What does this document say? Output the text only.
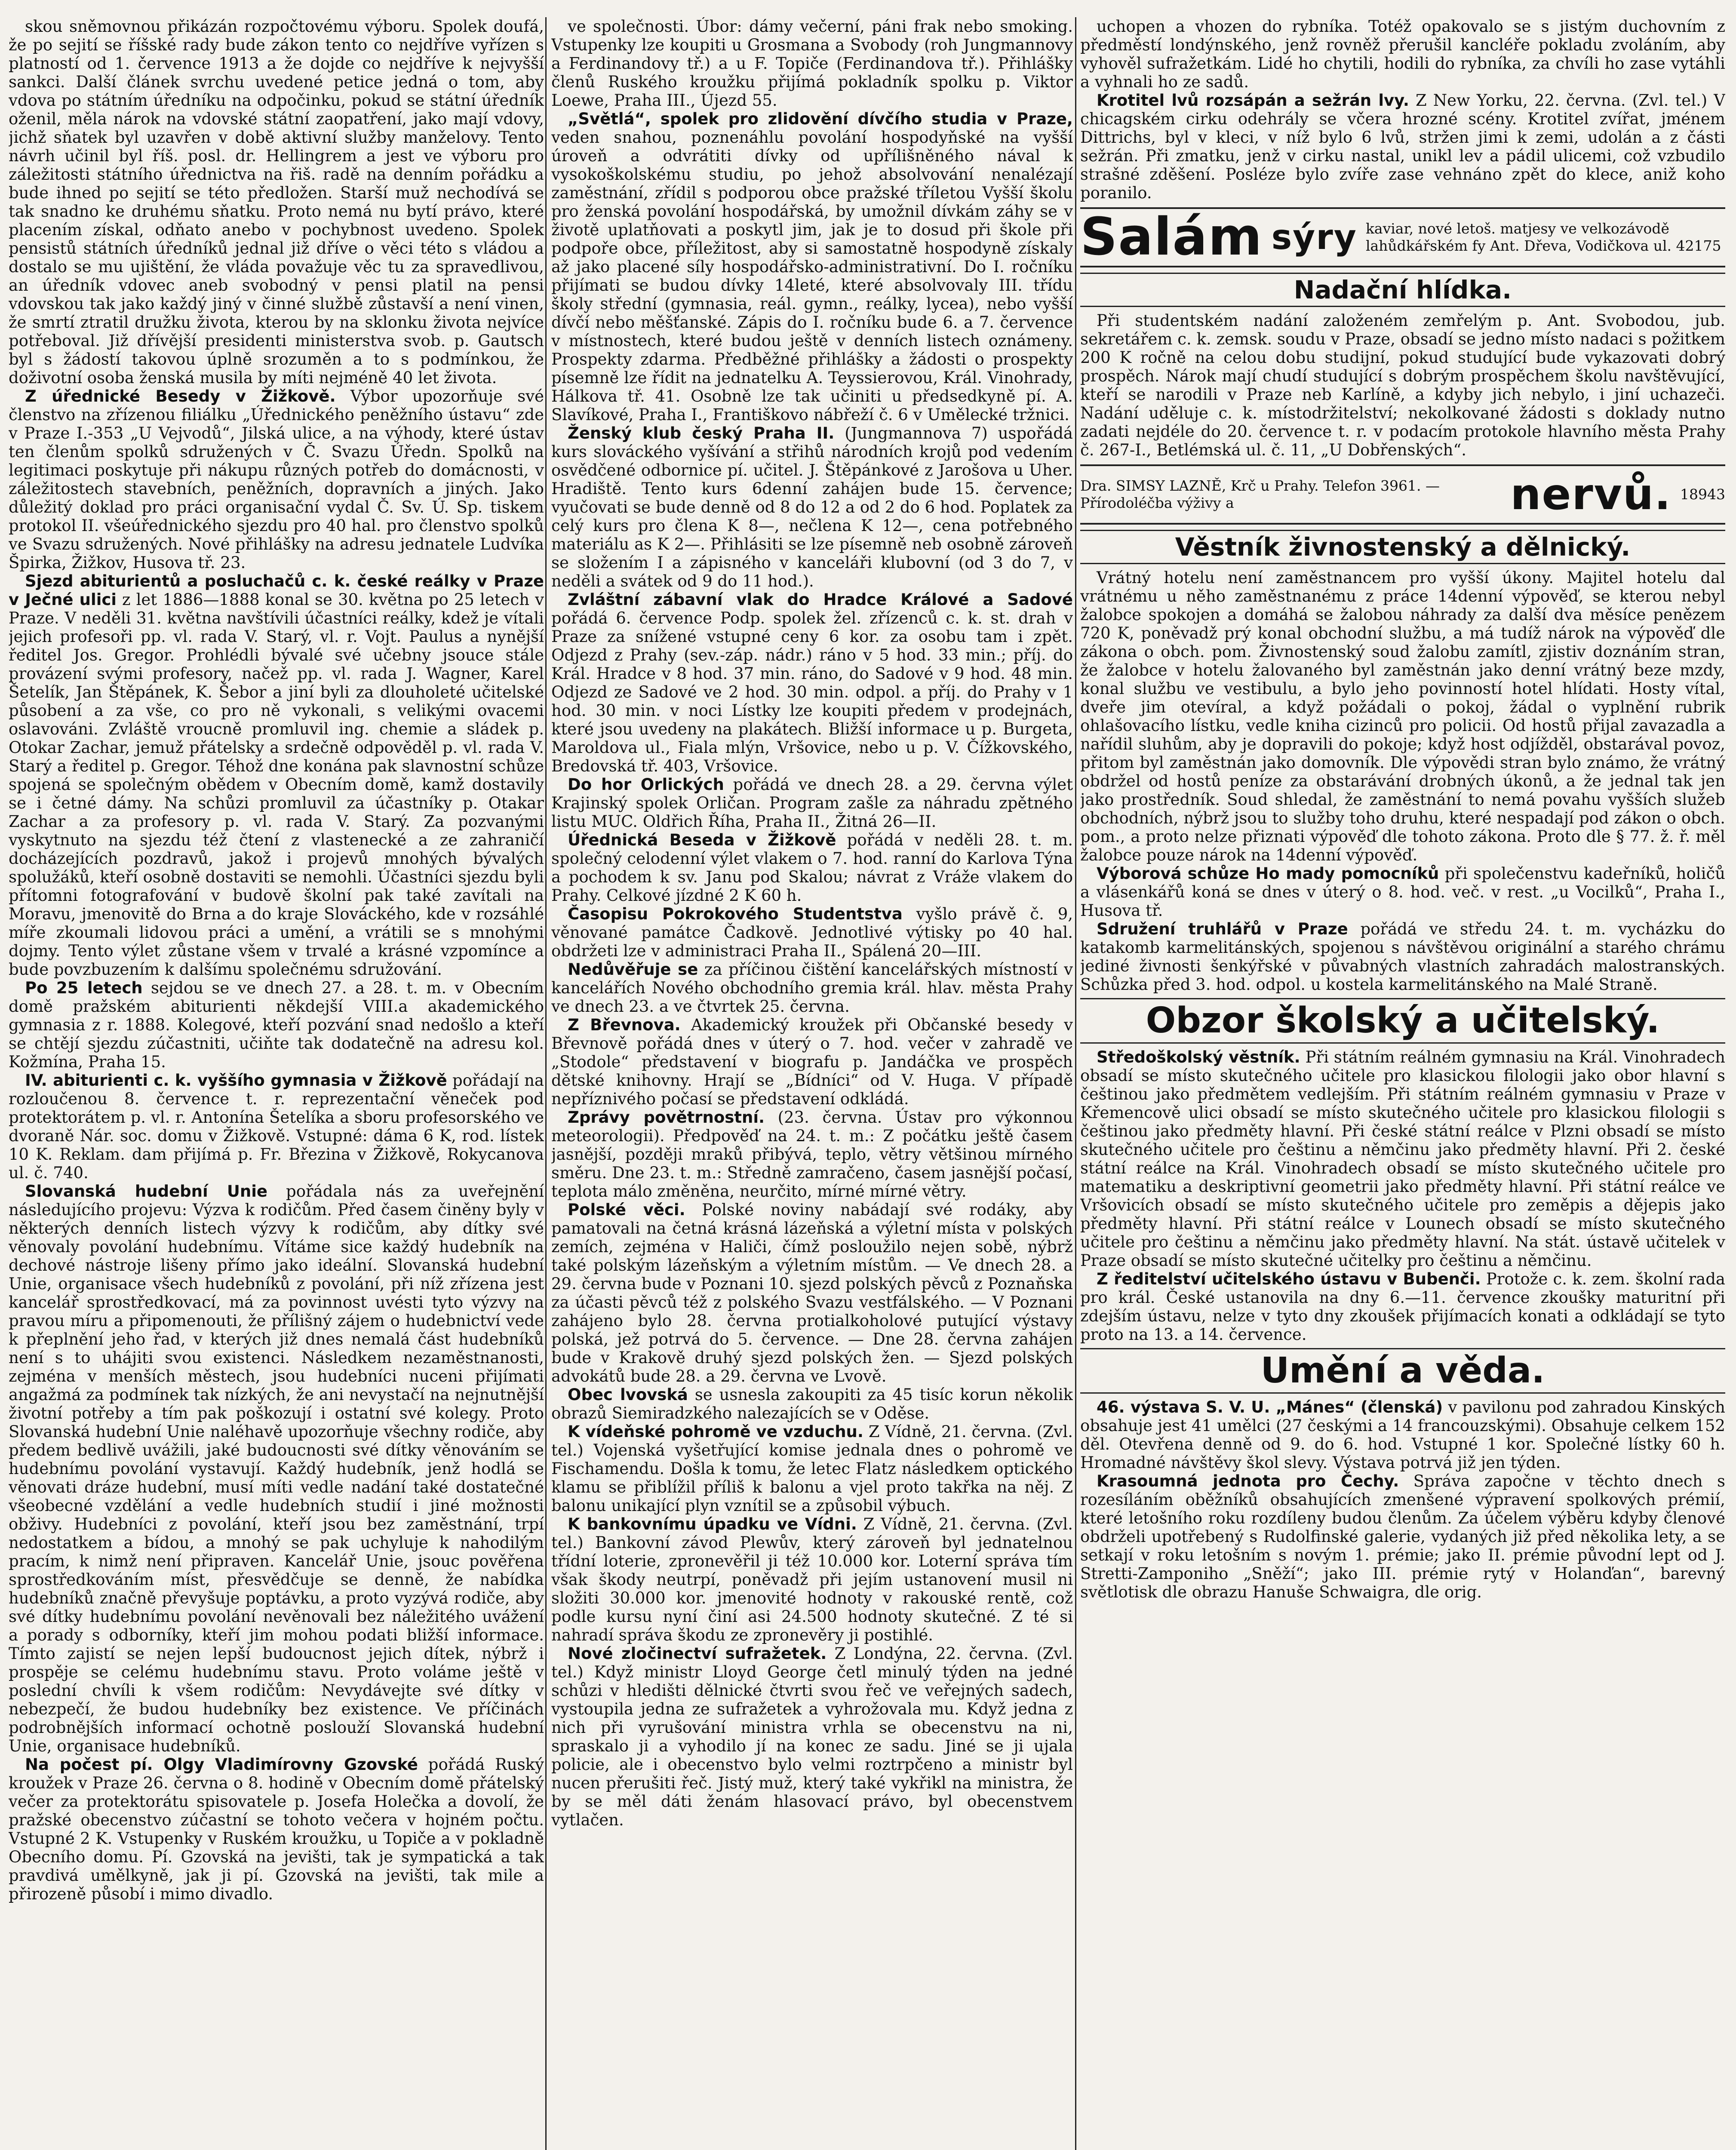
skou sněmovnou přikázán rozpočtovému výboru. Spolek doufá, že po sejití se říšské rady bude zákon tento co nejdříve vyřízen s platností od 1. července 1913 a že dojde co nejdříve k nejvyšší sankci. Další článek svrchu uvedené petice jedná o tom, aby vdova po státním úředníku na odpočinku, pokud se státní úředník oženil, měla nárok na vdovské státní zaopatření, jako mají vdovy, jichž sňatek byl uzavřen v době aktivní služby manželovy. Tento návrh učinil byl říš. posl. dr. Hellingrem a jest ve výboru pro záležitosti státního úřednictva na řiš. radě na denním pořádku a bude ihned po sejití se této předložen. Starší muž nechodívá se tak snadno ke druhému sňatku. Proto nemá nu bytí právo, které placením získal, odňato anebo v pochybnost uvedeno. Spolek pensistů státních úředníků jednal již dříve o věci této s vládou a dostalo se mu ujištění, že vláda považuje věc tu za spravedlivou, an úředník vdovec aneb svobodný v pensi platil na pensi vdovskou tak jako každý jiný v činné službě zůstavší a není vinen, že smrtí ztratil družku života, kterou by na sklonku života nejvíce potřeboval. Již dřívější presidenti ministerstva svob. p. Gautsch byl s žádostí takovou úplně srozuměn a to s podmínkou, že doživotní osoba ženská musila by míti nejméně 40 let života.

Z úřednické Besedy v Žižkově. Výbor upozorňuje své členstvo na zřízenou filiálku „Úřednického peněžního ústavu“ zde v Praze I.-353 „U Vejvodů“, Jilská ulice, a na výhody, které ústav ten členům spolků sdružených v Č. Svazu Úředn. Spolků na legitimaci poskytuje při nákupu různých potřeb do domácnosti, v záležitostech stavebních, peněžních, dopravních a jiných. Jako důležitý doklad pro práci organisační vydal Č. Sv. Ú. Sp. tiskem protokol II. všeúřednického sjezdu pro 40 hal. pro členstvo spolků ve Svazu sdružených. Nové přihlášky na adresu jednatele Ludvíka Špirka, Žižkov, Husova tř. 23.

Sjezd abiturientů a posluchačů c. k. české reálky v Praze v Ječné ulici z let 1886—1888 konal se 30. května po 25 letech v Praze. V neděli 31. května navštívili účastníci reálky, kdež je vítali jejich profesoři pp. vl. rada V. Starý, vl. r. Vojt. Paulus a nynější ředitel Jos. Gregor. Prohlédli bývalé své učebny jsouce stále provázení svými profesory, načež pp. vl. rada J. Wagner, Karel Šetelík, Jan Štěpánek, K. Šebor a jiní byli za dlouholeté učitelské působení a za vše, co pro ně vykonali, s velikými ovacemi oslavováni. Zvláště vroucně promluvil ing. chemie a sládek p. Otokar Zachar, jemuž přátelsky a srdečně odpověděl p. vl. rada V. Starý a ředitel p. Gregor. Téhož dne konána pak slavnostní schůze spojená se společným obědem v Obecním domě, kamž dostavily se i četné dámy. Na schůzi promluvil za účastníky p. Otakar Zachar a za profesory p. vl. rada V. Starý. Za pozvanými vyskytnuto na sjezdu též čtení z vlastenecké a ze zahraničí docházejících pozdravů, jakož i projevů mnohých bývalých spolužáků, kteří osobně dostaviti se nemohli. Účastníci sjezdu byli přítomni fotografování v budově školní pak také zavítali na Moravu, jmenovitě do Brna a do kraje Slováckého, kde v rozsáhlé míře zkoumali lidovou práci a umění, a vrátili se s mnohými dojmy. Tento výlet zůstane všem v trvalé a krásné vzpomínce a bude povzbuzením k dalšímu společnému sdružování.

Po 25 letech sejdou se ve dnech 27. a 28. t. m. v Obecním domě pražském abiturienti někdejší VIII.a akademického gymnasia z r. 1888. Kolegové, kteří pozvání snad nedošlo a kteří se chtějí sjezdu zúčastniti, učiňte tak dodatečně na adresu kol. Kožmína, Praha 15.

IV. abiturienti c. k. vyššího gymnasia v Žižkově pořádají na rozloučenou 8. července t. r. reprezentační věneček pod protektorátem p. vl. r. Antonína Šetelíka a sboru profesorského ve dvoraně Nár. soc. domu v Žižkově. Vstupné: dáma 6 K, rod. lístek 10 K. Reklam. dam přijímá p. Fr. Březina v Žižkově, Rokycanova ul. č. 740.

Slovanská hudební Unie pořádala nás za uveřejnění následujícího projevu: Výzva k rodičům. Před časem činěny byly v některých denních listech výzvy k rodičům, aby dítky své věnovaly povolání hudebnímu. Vítáme sice každý hudebník na dechové nástroje lišeny přímo jako ideální. Slovanská hudební Unie, organisace všech hudebníků z povolání, při níž zřízena jest kancelář sprostředkovací, má za povinnost uvésti tyto výzvy na pravou míru a připomenouti, že přílišný zájem o hudebnictví vede k přeplnění jeho řad, v kterých již dnes nemalá část hudebníků není s to uhájiti svou existenci. Následkem nezaměstnanosti, zejména v menších městech, jsou hudebníci nuceni přijímati angažmá za podmínek tak nízkých, že ani nevystačí na nejnutnější životní potřeby a tím pak poškozují i ostatní své kolegy. Proto Slovanská hudební Unie naléhavě upozorňuje všechny rodiče, aby předem bedlivě uvážili, jaké budoucnosti své dítky věnováním se hudebnímu povolání vystavují. Každý hudebník, jenž hodlá se věnovati dráze hudební, musí míti vedle nadání také dostatečné všeobecné vzdělání a vedle hudebních studií i jiné možnosti obživy. Hudebníci z povolání, kteří jsou bez zaměstnání, trpí nedostatkem a bídou, a mnohý se pak uchyluje k nahodilým pracím, k nimž není připraven. Kancelář Unie, jsouc pověřena sprostředkováním míst, přesvědčuje se denně, že nabídka hudebníků značně převyšuje poptávku, a proto vyzývá rodiče, aby své dítky hudebnímu povolání nevěnovali bez náležitého uvážení a porady s odborníky, kteří jim mohou podati bližší informace. Tímto zajistí se nejen lepší budoucnost jejich dítek, nýbrž i prospěje se celému hudebnímu stavu. Proto voláme ještě v poslední chvíli k všem rodičům: Nevydávejte své dítky v nebezpečí, že budou hudebníky bez existence. Ve příčinách podrobnějších informací ochotně poslouží Slovanská hudební Unie, organisace hudebníků.

Na počest pí. Olgy Vladimírovny Gzovské pořádá Ruský kroužek v Praze 26. června o 8. hodině v Obecním domě přátelský večer za protektorátu spisovatele p. Josefa Holečka a dovolí, že pražské obecenstvo zúčastní se tohoto večera v hojném počtu. Vstupné 2 K. Vstupenky v Ruském kroužku, u Topiče a v pokladně Obecního domu. Pí. Gzovská na jevišti, tak je sympatická a tak pravdivá umělkyně, jak ji pí. Gzovská na jevišti, tak mile a přirozeně působí i mimo divadlo.

ve společnosti. Úbor: dámy večerní, páni frak nebo smoking. Vstupenky lze koupiti u Grosmana a Svobody (roh Jungmannovy a Ferdinandovy tř.) a u F. Topiče (Ferdinandova tř.). Přihlášky členů Ruského kroužku přijímá pokladník spolku p. Viktor Loewe, Praha III., Újezd 55.

„Světlá“, spolek pro zlidovění dívčího studia v Praze, veden snahou, poznenáhlu povolání hospodyňské na vyšší úroveň a odvrátiti dívky od upřílišněného nával k vysokoškolskému studiu, po jehož absolvování nenalézají zaměstnání, zřídil s podporou obce pražské tříletou Vyšší školu pro ženská povolání hospodářská, by umožnil dívkám záhy se v životě uplatňovati a poskytl jim, jak je to dosud při škole při podpoře obce, příležitost, aby si samostatně hospodyně získaly až jako placené síly hospodářsko-administrativní. Do I. ročníku přijímati se budou dívky 14leté, které absolvovaly III. třídu školy střední (gymnasia, reál. gymn., reálky, lycea), nebo vyšší dívčí nebo měšťanské. Zápis do I. ročníku bude 6. a 7. července v místnostech, které budou ještě v denních listech oznámeny. Prospekty zdarma. Předběžné přihlášky a žádosti o prospekty písemně lze řídit na jednatelku A. Teyssierovou, Král. Vinohrady, Hálkova tř. 41. Osobně lze tak učiniti u předsedkyně pí. A. Slavíkové, Praha I., Františkovo nábřeží č. 6 v Umělecké tržnici.

Ženský klub český Praha II. (Jungmannova 7) uspořádá kurs slováckého vyšívání a střihů národních krojů pod vedením osvědčené odbornice pí. učitel. J. Štěpánkové z Jarošova u Uher. Hradiště. Tento kurs 6denní zahájen bude 15. července; vyučovati se bude denně od 8 do 12 a od 2 do 6 hod. Poplatek za celý kurs pro člena K 8—, nečlena K 12—, cena potřebného materiálu as K 2—. Přihlásiti se lze písemně neb osobně zároveň se složením I a zápisného v kanceláři klubovní (od 3 do 7, v neděli a svátek od 9 do 11 hod.).

Zvláštní zábavní vlak do Hradce Králové a Sadové pořádá 6. července Podp. spolek žel. zřízenců c. k. st. drah v Praze za snížené vstupné ceny 6 kor. za osobu tam i zpět. Odjezd z Prahy (sev.-záp. nádr.) ráno v 5 hod. 33 min.; příj. do Král. Hradce v 8 hod. 37 min. ráno, do Sadové v 9 hod. 48 min. Odjezd ze Sadové ve 2 hod. 30 min. odpol. a příj. do Prahy v 1 hod. 30 min. v noci Lístky lze koupiti předem v prodejnách, které jsou uvedeny na plakátech. Bližší informace u p. Burgeta, Maroldova ul., Fiala mlýn, Vršovice, nebo u p. V. Čížkovského, Bredovská tř. 403, Vršovice.

Do hor Orlických pořádá ve dnech 28. a 29. června výlet Krajinský spolek Orličan. Program zašle za náhradu zpětného listu MUC. Oldřich Říha, Praha II., Žitná 26—II.

Úřednická Beseda v Žižkově pořádá v neděli 28. t. m. společný celodenní výlet vlakem o 7. hod. ranní do Karlova Týna a pochodem k sv. Janu pod Skalou; návrat z Vráže vlakem do Prahy. Celkové jízdné 2 K 60 h.

Časopisu Pokrokového Studentstva vyšlo právě č. 9, věnované památce Čadkově. Jednotlivé výtisky po 40 hal. obdržeti lze v administraci Praha II., Spálená 20—III.

Nedůvěřuje se za příčinou čištění kancelářských místností v kancelářích Nového obchodního gremia král. hlav. města Prahy ve dnech 23. a ve čtvrtek 25. června.

Z Břevnova. Akademický kroužek při Občanské besedy v Břevnově pořádá dnes v úterý o 7. hod. večer v zahradě ve „Stodole“ představení v biografu p. Jandáčka ve prospěch dětské knihovny. Hrají se „Bídníci“ od V. Huga. V případě nepříznivého počasí se představení odkládá.

Zprávy povětrnostní. (23. června. Ústav pro výkonnou meteorologii). Předpověď na 24. t. m.: Z počátku ještě časem jasnější, později mraků přibývá, teplo, větry většinou mírného směru. Dne 23. t. m.: Středně zamračeno, časem jasnější počasí, teplota málo změněna, neurčito, mírné mírné větry.

Polské věci. Polské noviny nabádají své rodáky, aby pamatovali na četná krásná lázeňská a výletní místa v polských zemích, zejména v Haliči, čímž posloužilo nejen sobě, nýbrž také polským lázeňským a výletním místům. — Ve dnech 28. a 29. června bude v Poznani 10. sjezd polských pěvců z Poznaňska za účasti pěvců též z polského Svazu vestfálského. — V Poznani zahájeno bylo 28. června protialkoholové putující výstavy polská, jež potrvá do 5. července. — Dne 28. června zahájen bude v Krakově druhý sjezd polských žen. — Sjezd polských advokátů bude 28. a 29. června ve Lvově.

Obec lvovská se usnesla zakoupiti za 45 tisíc korun několik obrazů Siemiradzkého nalezajících se v Oděse.

K vídeňské pohromě ve vzduchu. Z Vídně, 21. června. (Zvl. tel.) Vojenská vyšetřující komise jednala dnes o pohromě ve Fischamendu. Došla k tomu, že letec Flatz následkem optického klamu se přiblížil příliš k balonu a vjel proto takřka na něj. Z balonu unikající plyn vznítil se a způsobil výbuch.

K bankovnímu úpadku ve Vídni. Z Vídně, 21. června. (Zvl. tel.) Bankovní závod Plewův, který zároveň byl jednatelnou třídní loterie, zpronevěřil ji též 10.000 kor. Loterní správa tím však škody neutrpí, poněvadž při jejím ustanovení musil ni složiti 30.000 kor. jmenovité hodnoty v rakouské rentě, což podle kursu nyní činí asi 24.500 hodnoty skutečné. Z té si nahradí správa škodu ze zpronevěry ji postihlé.

Nové zločinectví sufražetek. Z Londýna, 22. června. (Zvl. tel.) Když ministr Lloyd George četl minulý týden na jedné schůzi v hledišti dělnické čtvrti svou řeč ve veřejných sadech, vystoupila jedna ze sufražetek a vyhrožovala mu. Když jedna z nich při vyrušování ministra vrhla se obecenstvu na ni, spraskalo ji a vyhodilo jí na konec ze sadu. Jiné se ji ujala policie, ale i obecenstvo bylo velmi roztrpčeno a ministr byl nucen přerušiti řeč. Jistý muž, který také vykřikl na ministra, že by se měl dáti ženám hlasovací právo, byl obecenstvem vytlačen.

uchopen a vhozen do rybníka. Totéž opakovalo se s jistým duchovním z předměstí londýnského, jenž rovněž přerušil kancléře pokladu zvoláním, aby vyhověl sufražetkám. Lidé ho chytili, hodili do rybníka, za chvíli ho zase vytáhli a vyhnali ho ze sadů.

Krotitel lvů rozsápán a sežrán lvy. Z New Yorku, 22. června. (Zvl. tel.) V chicagském cirku odehrály se včera hrozné scény. Krotitel zvířat, jménem Dittrichs, byl v kleci, v níž bylo 6 lvů, stržen jimi k zemi, udolán a z části sežrán. Při zmatku, jenž v cirku nastal, unikl lev a pádil ulicemi, což vzbudilo strašné zděšení. Posléze bylo zvíře zase vehnáno zpět do klece, aniž koho poranilo.

Salám sýry kaviar, nové letoš. matjesy ve velkozávodě lahůdkářském fy Ant. Dřeva, Vodičkova ul. 42175
Nadační hlídka.

Při studentském nadání založeném zemřelým p. Ant. Svobodou, jub. sekretářem c. k. zemsk. soudu v Praze, obsadí se jedno místo nadaci s požitkem 200 K ročně na celou dobu studijní, pokud studující bude vykazovati dobrý prospěch. Nárok mají chudí studující s dobrým prospěchem školu navštěvující, kteří se narodili v Praze neb Karlíně, a kdyby jich nebylo, i jiní uchazeči. Nadání uděluje c. k. místodržitelství; nekolkované žádosti s doklady nutno zadati nejdéle do 20. července t. r. v podacím protokole hlavního města Prahy č. 267-I., Betlémská ul. č. 11, „U Dobřenských“.

Dra. SIMSY LAZNĚ, Krč u Prahy. Telefon 3961. — Přírodoléčba výživy a	nervů. 18943
Věstník živnostenský a dělnický.

Vrátný hotelu není zaměstnancem pro vyšší úkony. Majitel hotelu dal vrátnému u něho zaměstnanému z práce 14denní výpověď, se kterou nebyl žalobce spokojen a domáhá se žalobou náhrady za další dva měsíce penězem 720 K, poněvadž prý konal obchodní službu, a má tudíž nárok na výpověď dle zákona o obch. pom. Živnostenský soud žalobu zamítl, zjistiv doznáním stran, že žalobce v hotelu žalovaného byl zaměstnán jako denní vrátný beze mzdy, konal službu ve vestibulu, a bylo jeho povinností hotel hlídati. Hosty vítal, dveře jim otevíral, a když požádali o pokoj, žádal o vyplnění rubrik ohlašovacího lístku, vedle kniha cizinců pro policii. Od hostů přijal zavazadla a nařídil sluhům, aby je dopravili do pokoje; když host odjížděl, obstarával povoz, přitom byl zaměstnán jako domovník. Dle výpovědi stran bylo známo, že vrátný obdržel od hostů peníze za obstarávání drobných úkonů, a že jednal tak jen jako prostředník. Soud shledal, že zaměstnání to nemá povahu vyšších služeb obchodních, nýbrž jsou to služby toho druhu, které nespadají pod zákon o obch. pom., a proto nelze přiznati výpověď dle tohoto zákona. Proto dle § 77. ž. ř. měl žalobce pouze nárok na 14denní výpověď.

Výborová schůze Ho mady pomocníků při společenstvu kadeřníků, holičů a vlásenkářů koná se dnes v úterý o 8. hod. več. v rest. „u Vocilků“, Praha I., Husova tř.

Sdružení truhlářů v Praze pořádá ve středu 24. t. m. vycházku do katakomb karmelitánských, spojenou s návštěvou originální a starého chrámu jediné živnosti šenkýřské v půvabných vlastních zahradách malostranských. Schůzka před 3. hod. odpol. u kostela karmelitánského na Malé Straně.

Obzor školský a učitelský.

Středoškolský věstník. Při státním reálném gymnasiu na Král. Vinohradech obsadí se místo skutečného učitele pro klasickou filologii jako obor hlavní s češtinou jako předmětem vedlejším. Při státním reálném gymnasiu v Praze v Křemencově ulici obsadí se místo skutečného učitele pro klasickou filologii s češtinou jako předměty hlavní. Při české státní reálce v Plzni obsadí se místo skutečného učitele pro češtinu a němčinu jako předměty hlavní. Při 2. české státní reálce na Král. Vinohradech obsadí se místo skutečného učitele pro matematiku a deskriptivní geometrii jako předměty hlavní. Při státní reálce ve Vršovicích obsadí se místo skutečného učitele pro zeměpis a dějepis jako předměty hlavní. Při státní reálce v Lounech obsadí se místo skutečného učitele pro češtinu a němčinu jako předměty hlavní. Na stát. ústavě učitelek v Praze obsadí se místo skutečné učitelky pro češtinu a němčinu.

Z ředitelství učitelského ústavu v Bubenči. Protože c. k. zem. školní rada pro král. České ustanovila na dny 6.—11. července zkoušky maturitní při zdejším ústavu, nelze v tyto dny zkoušek přijímacích konati a odkládají se tyto proto na 13. a 14. července.

Umění a věda.

46. výstava S. V. U. „Mánes“ (členská) v pavilonu pod zahradou Kinských obsahuje jest 41 umělci (27 českými a 14 francouzskými). Obsahuje celkem 152 děl. Otevřena denně od 9. do 6. hod. Vstupné 1 kor. Společné lístky 60 h. Hromadné návštěvy škol slevy. Výstava potrvá již jen týden.

Krasoumná jednota pro Čechy. Správa započne v těchto dnech s rozesíláním oběžníků obsahujících zmenšené výpravení spolkových prémií, které letošního roku rozdíleny budou členům. Za účelem výběru kdyby členové obdrželi upotřebený s Rudolfinské galerie, vydaných již před několika lety, a se setkají v roku letošním s novým 1. prémie; jako II. prémie původní lept od J. Stretti-Zamponiho „Sněží“; jako III. prémie rytý v Holanďan“, barevný světlotisk dle obrazu Hanuše Schwaigra, dle orig.
